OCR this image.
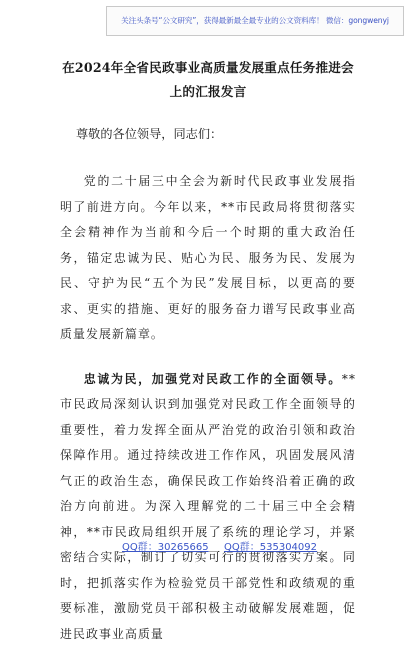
关注头条号“公文研究”，获得最新最全最专业的公文资料库！ 微信：gongwenyj
在2024年全省民政事业高质量发展重点任务推进会上的汇报发言
尊敬的各位领导，同志们：

党的二十届三中全会为新时代民政事业发展指明了前进方向。今年以来，**市民政局将贯彻落实全会精神作为当前和今后一个时期的重大政治任务，锚定忠诚为民、贴心为民、服务为民、发展为民、守护为民“五个为民”发展目标，以更高的要求、更实的措施、更好的服务奋力谱写民政事业高质量发展新篇章。

忠诚为民，加强党对民政工作的全面领导。**市民政局深刻认识到加强党对民政工作全面领导的重要性，着力发挥全面从严治党的政治引领和政治保障作用。通过持续改进工作作风，巩固发展风清气正的政治生态，确保民政工作始终沿着正确的政治方向前进。为深入理解党的二十届三中全会精神，**市民政局组织开展了系统的理论学习，并紧密结合实际，制订了切实可行的贯彻落实方案。同时，把抓落实作为检验党员干部党性和政绩观的重要标准，激励党员干部积极主动破解发展难题，促进民政事业高质量

QQ群：30265665 QQ群：535304092
